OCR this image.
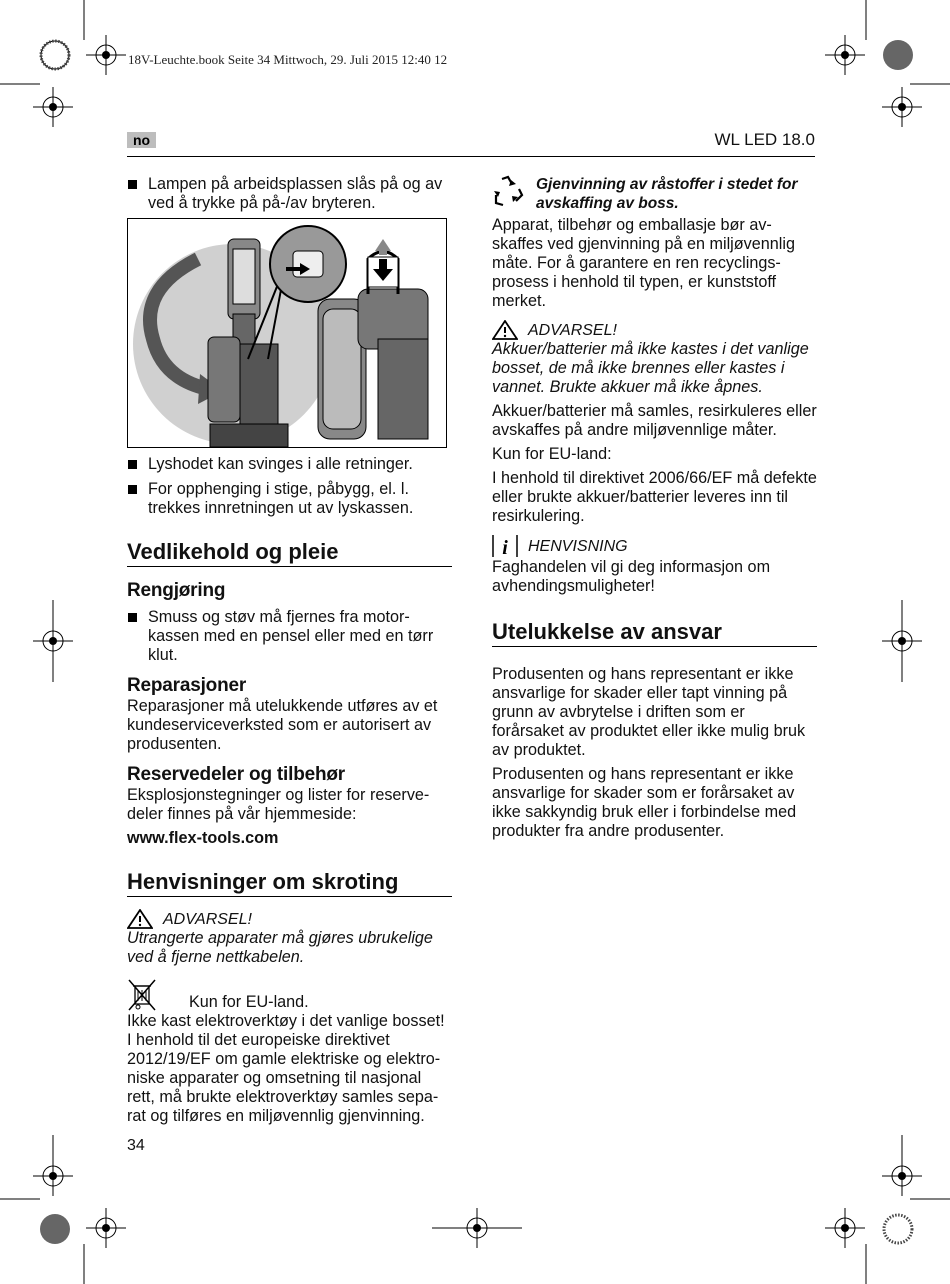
18V-Leuchte.book Seite 34 Mittwoch, 29. Juli 2015 12:40 12
no	WL LED 18.0
Lampen på arbeidsplassen slås på og av ved å trykke på på-/av bryteren.
Lyshodet kan svinges i alle retninger.
For opphenging i stige, påbygg, el. l. trekkes innretningen ut av lyskassen.
Vedlikehold og pleie
Rengjøring
Smuss og støv må fjernes fra motor-kassen med en pensel eller med en tørr klut.
Reparasjoner
Reparasjoner må utelukkende utføres av et kundeserviceverksted som er autorisert av produsenten.
Reservedeler og tilbehør
Eksplosjonstegninger og lister for reserve-deler finnes på vår hjemmeside:
www.flex-tools.com
Henvisninger om skroting
ADVARSEL!
Utrangerte apparater må gjøres ubrukelige ved å fjerne nettkabelen.
Kun for EU-land.
Ikke kast elektroverktøy i det vanlige bosset!
I henhold til det europeiske direktivet 2012/19/EF om gamle elektriske og elektro-niske apparater og omsetning til nasjonal rett, må brukte elektroverktøy samles sepa-rat og tilføres en miljøvennlig gjenvinning.
34
Gjenvinning av råstoffer i stedet for avskaffing av boss.
Apparat, tilbehør og emballasje bør av-skaffes ved gjenvinning på en miljøvennlig måte. For å garantere en ren recyclings-prosess i henhold til typen, er kunststoff merket.
ADVARSEL!
Akkuer/batterier må ikke kastes i det vanlige bosset, de må ikke brennes eller kastes i vannet. Brukte akkuer må ikke åpnes.
Akkuer/batterier må samles, resirkuleres eller avskaffes på andre miljøvennlige måter.
Kun for EU-land:
I henhold til direktivet 2006/66/EF må defekte eller brukte akkuer/batterier leveres inn til resirkulering.
i HENVISNING
Faghandelen vil gi deg informasjon om avhendingsmuligheter!
Utelukkelse av ansvar
Produsenten og hans representant er ikke ansvarlige for skader eller tapt vinning på grunn av avbrytelse i driften som er forårsaket av produktet eller ikke mulig bruk av produktet.
Produsenten og hans representant er ikke ansvarlige for skader som er forårsaket av ikke sakkyndig bruk eller i forbindelse med produkter fra andre produsenter.
